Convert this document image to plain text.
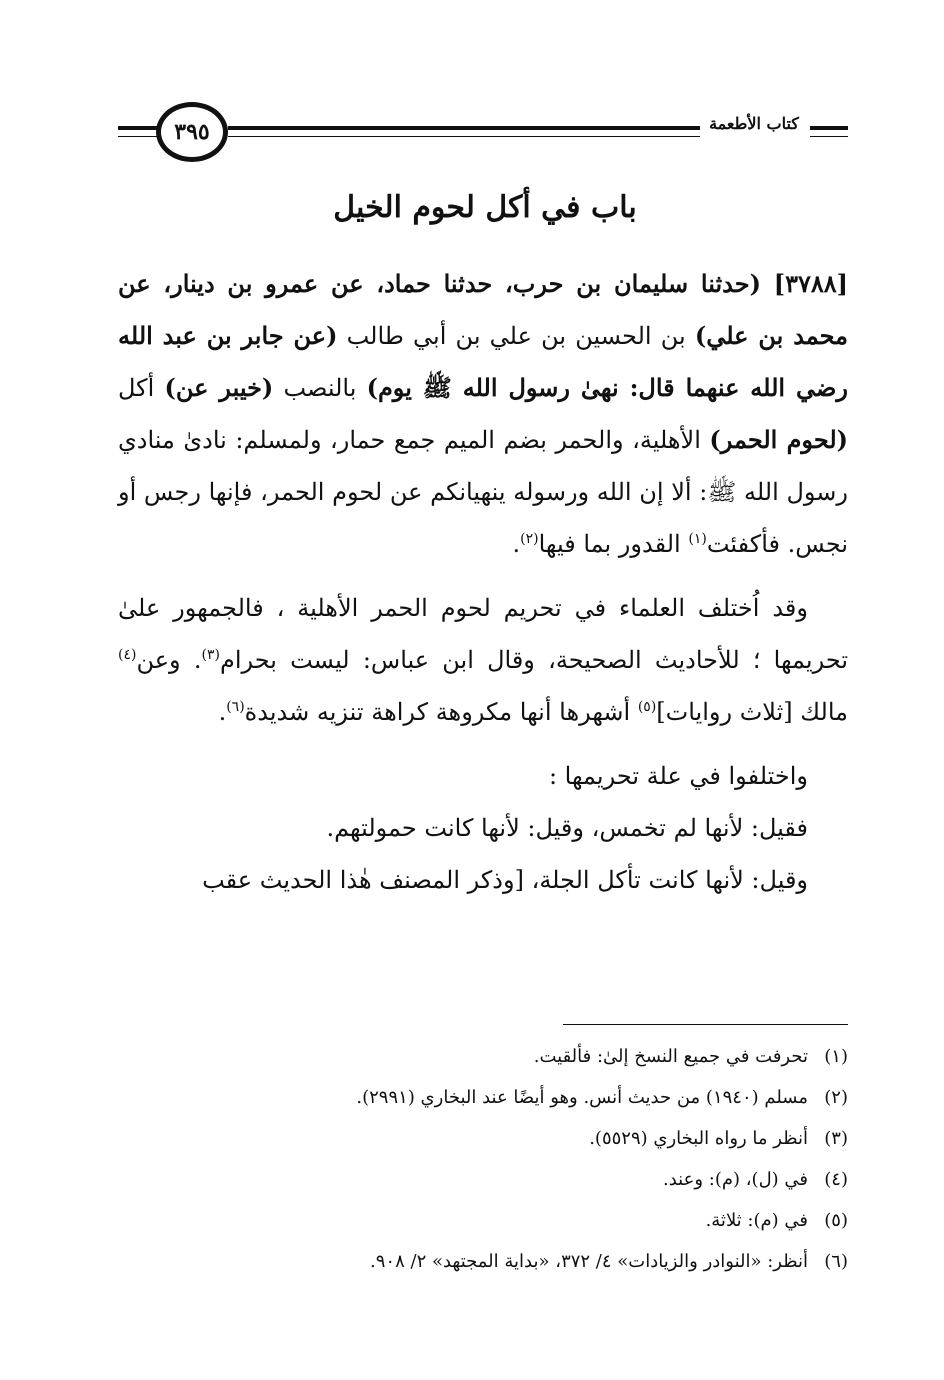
٣٩٥	كتاب الأطعمة
باب في أكل لحوم الخيل

[٣٧٨٨] (حدثنا سليمان بن حرب، حدثنا حماد، عن عمرو بن دينار، عن محمد بن علي) بن الحسين بن علي بن أبي طالب (عن جابر بن عبد الله رضي الله عنهما قال: نهىٰ رسول الله ﷺ يوم) بالنصب (خيبر عن) أكل (لحوم الحمر) الأهلية، والحمر بضم الميم جمع حمار، ولمسلم: نادىٰ منادي رسول الله ﷺ: ألا إن الله ورسوله ينهيانكم عن لحوم الحمر، فإنها رجس أو نجس. فأكفئت$^{(١)}$ القدور بما فيها$^{(٢)}$.

وقد اُختلف العلماء في تحريم لحوم الحمر الأهلية ، فالجمهور علىٰ تحريمها ؛ للأحاديث الصحيحة، وقال ابن عباس: ليست بحرام$^{(٣)}$. وعن$^{(٤)}$ مالك [ثلاث روايات]$^{(٥)}$ أشهرها أنها مكروهة كراهة تنزيه شديدة$^{(٦)}$.

واختلفوا في علة تحريمها :

فقيل: لأنها لم تخمس، وقيل: لأنها كانت حمولتهم.

وقيل: لأنها كانت تأكل الجلة، [وذكر المصنف هٰذا الحديث عقب

(١)
تحرفت في جميع النسخ إلىٰ: فألقيت.
(٢)
مسلم (١٩٤٠) من حديث أنس. وهو أيضًا عند البخاري (٢٩٩١).
(٣)
أنظر ما رواه البخاري (٥٥٢٩).
(٤)
في (ل)، (م): وعند.
(٥)
في (م): ثلاثة.
(٦)
أنظر: «النوادر والزيادات» ٤/ ٣٧٢، «بداية المجتهد» ٢/ ٩٠٨.
